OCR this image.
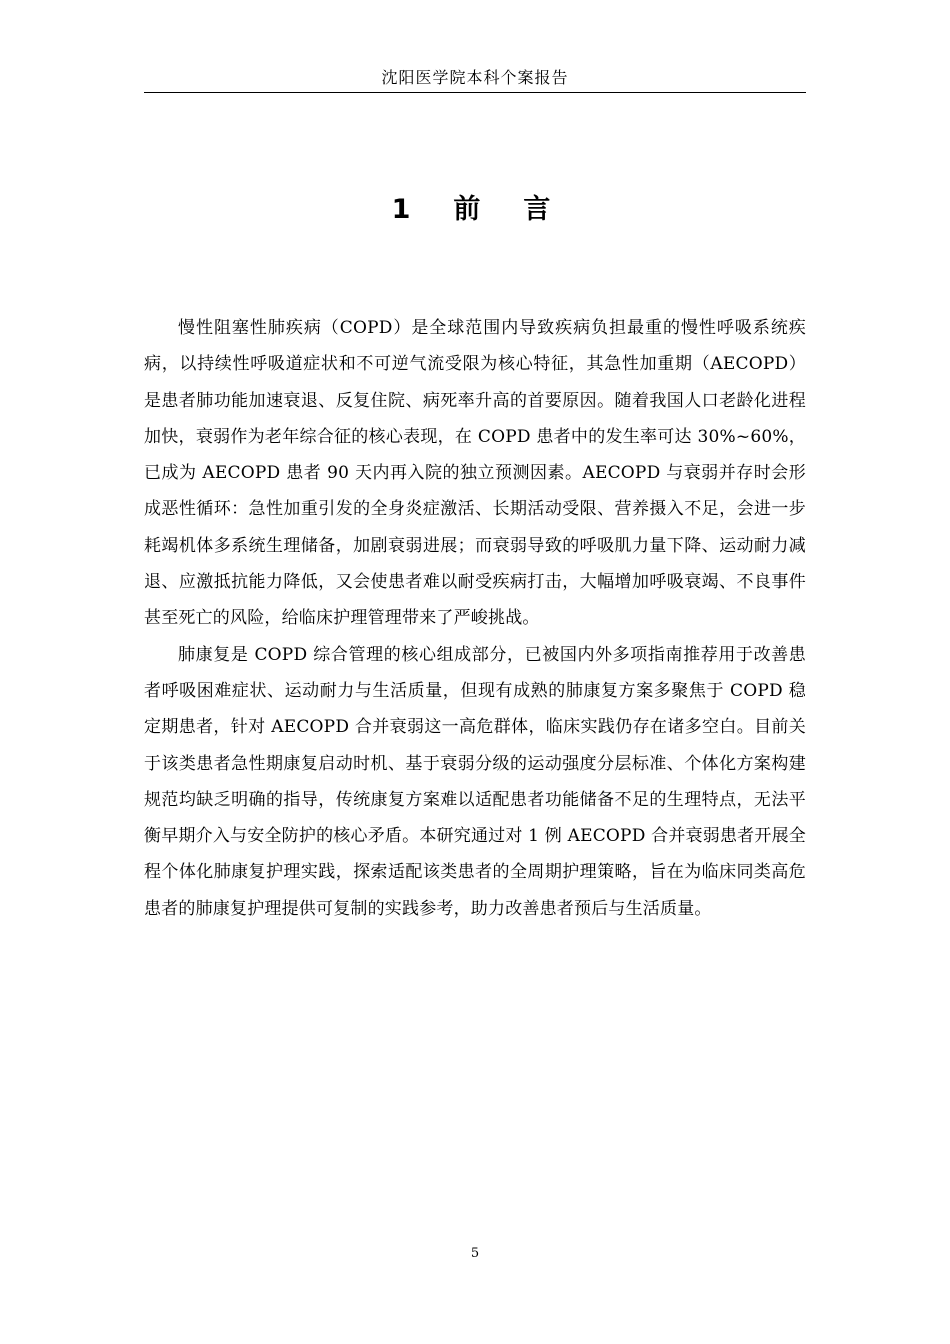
沈阳医学院本科个案报告
1　前　言

慢性阻塞性肺疾病（COPD）是全球范围内导致疾病负担最重的慢性呼吸系统疾病，以持续性呼吸道症状和不可逆气流受限为核心特征，其急性加重期（AECOPD）是患者肺功能加速衰退、反复住院、病死率升高的首要原因。随着我国人口老龄化进程加快，衰弱作为老年综合征的核心表现，在 COPD 患者中的发生率可达 30%~60%，已成为 AECOPD 患者 90 天内再入院的独立预测因素。AECOPD 与衰弱并存时会形成恶性循环：急性加重引发的全身炎症激活、长期活动受限、营养摄入不足，会进一步耗竭机体多系统生理储备，加剧衰弱进展；而衰弱导致的呼吸肌力量下降、运动耐力减退、应激抵抗能力降低，又会使患者难以耐受疾病打击，大幅增加呼吸衰竭、不良事件甚至死亡的风险，给临床护理管理带来了严峻挑战。

肺康复是 COPD 综合管理的核心组成部分，已被国内外多项指南推荐用于改善患者呼吸困难症状、运动耐力与生活质量，但现有成熟的肺康复方案多聚焦于 COPD 稳定期患者，针对 AECOPD 合并衰弱这一高危群体，临床实践仍存在诸多空白。目前关于该类患者急性期康复启动时机、基于衰弱分级的运动强度分层标准、个体化方案构建规范均缺乏明确的指导，传统康复方案难以适配患者功能储备不足的生理特点，无法平衡早期介入与安全防护的核心矛盾。本研究通过对 1 例 AECOPD 合并衰弱患者开展全程个体化肺康复护理实践，探索适配该类患者的全周期护理策略，旨在为临床同类高危患者的肺康复护理提供可复制的实践参考，助力改善患者预后与生活质量。

5
